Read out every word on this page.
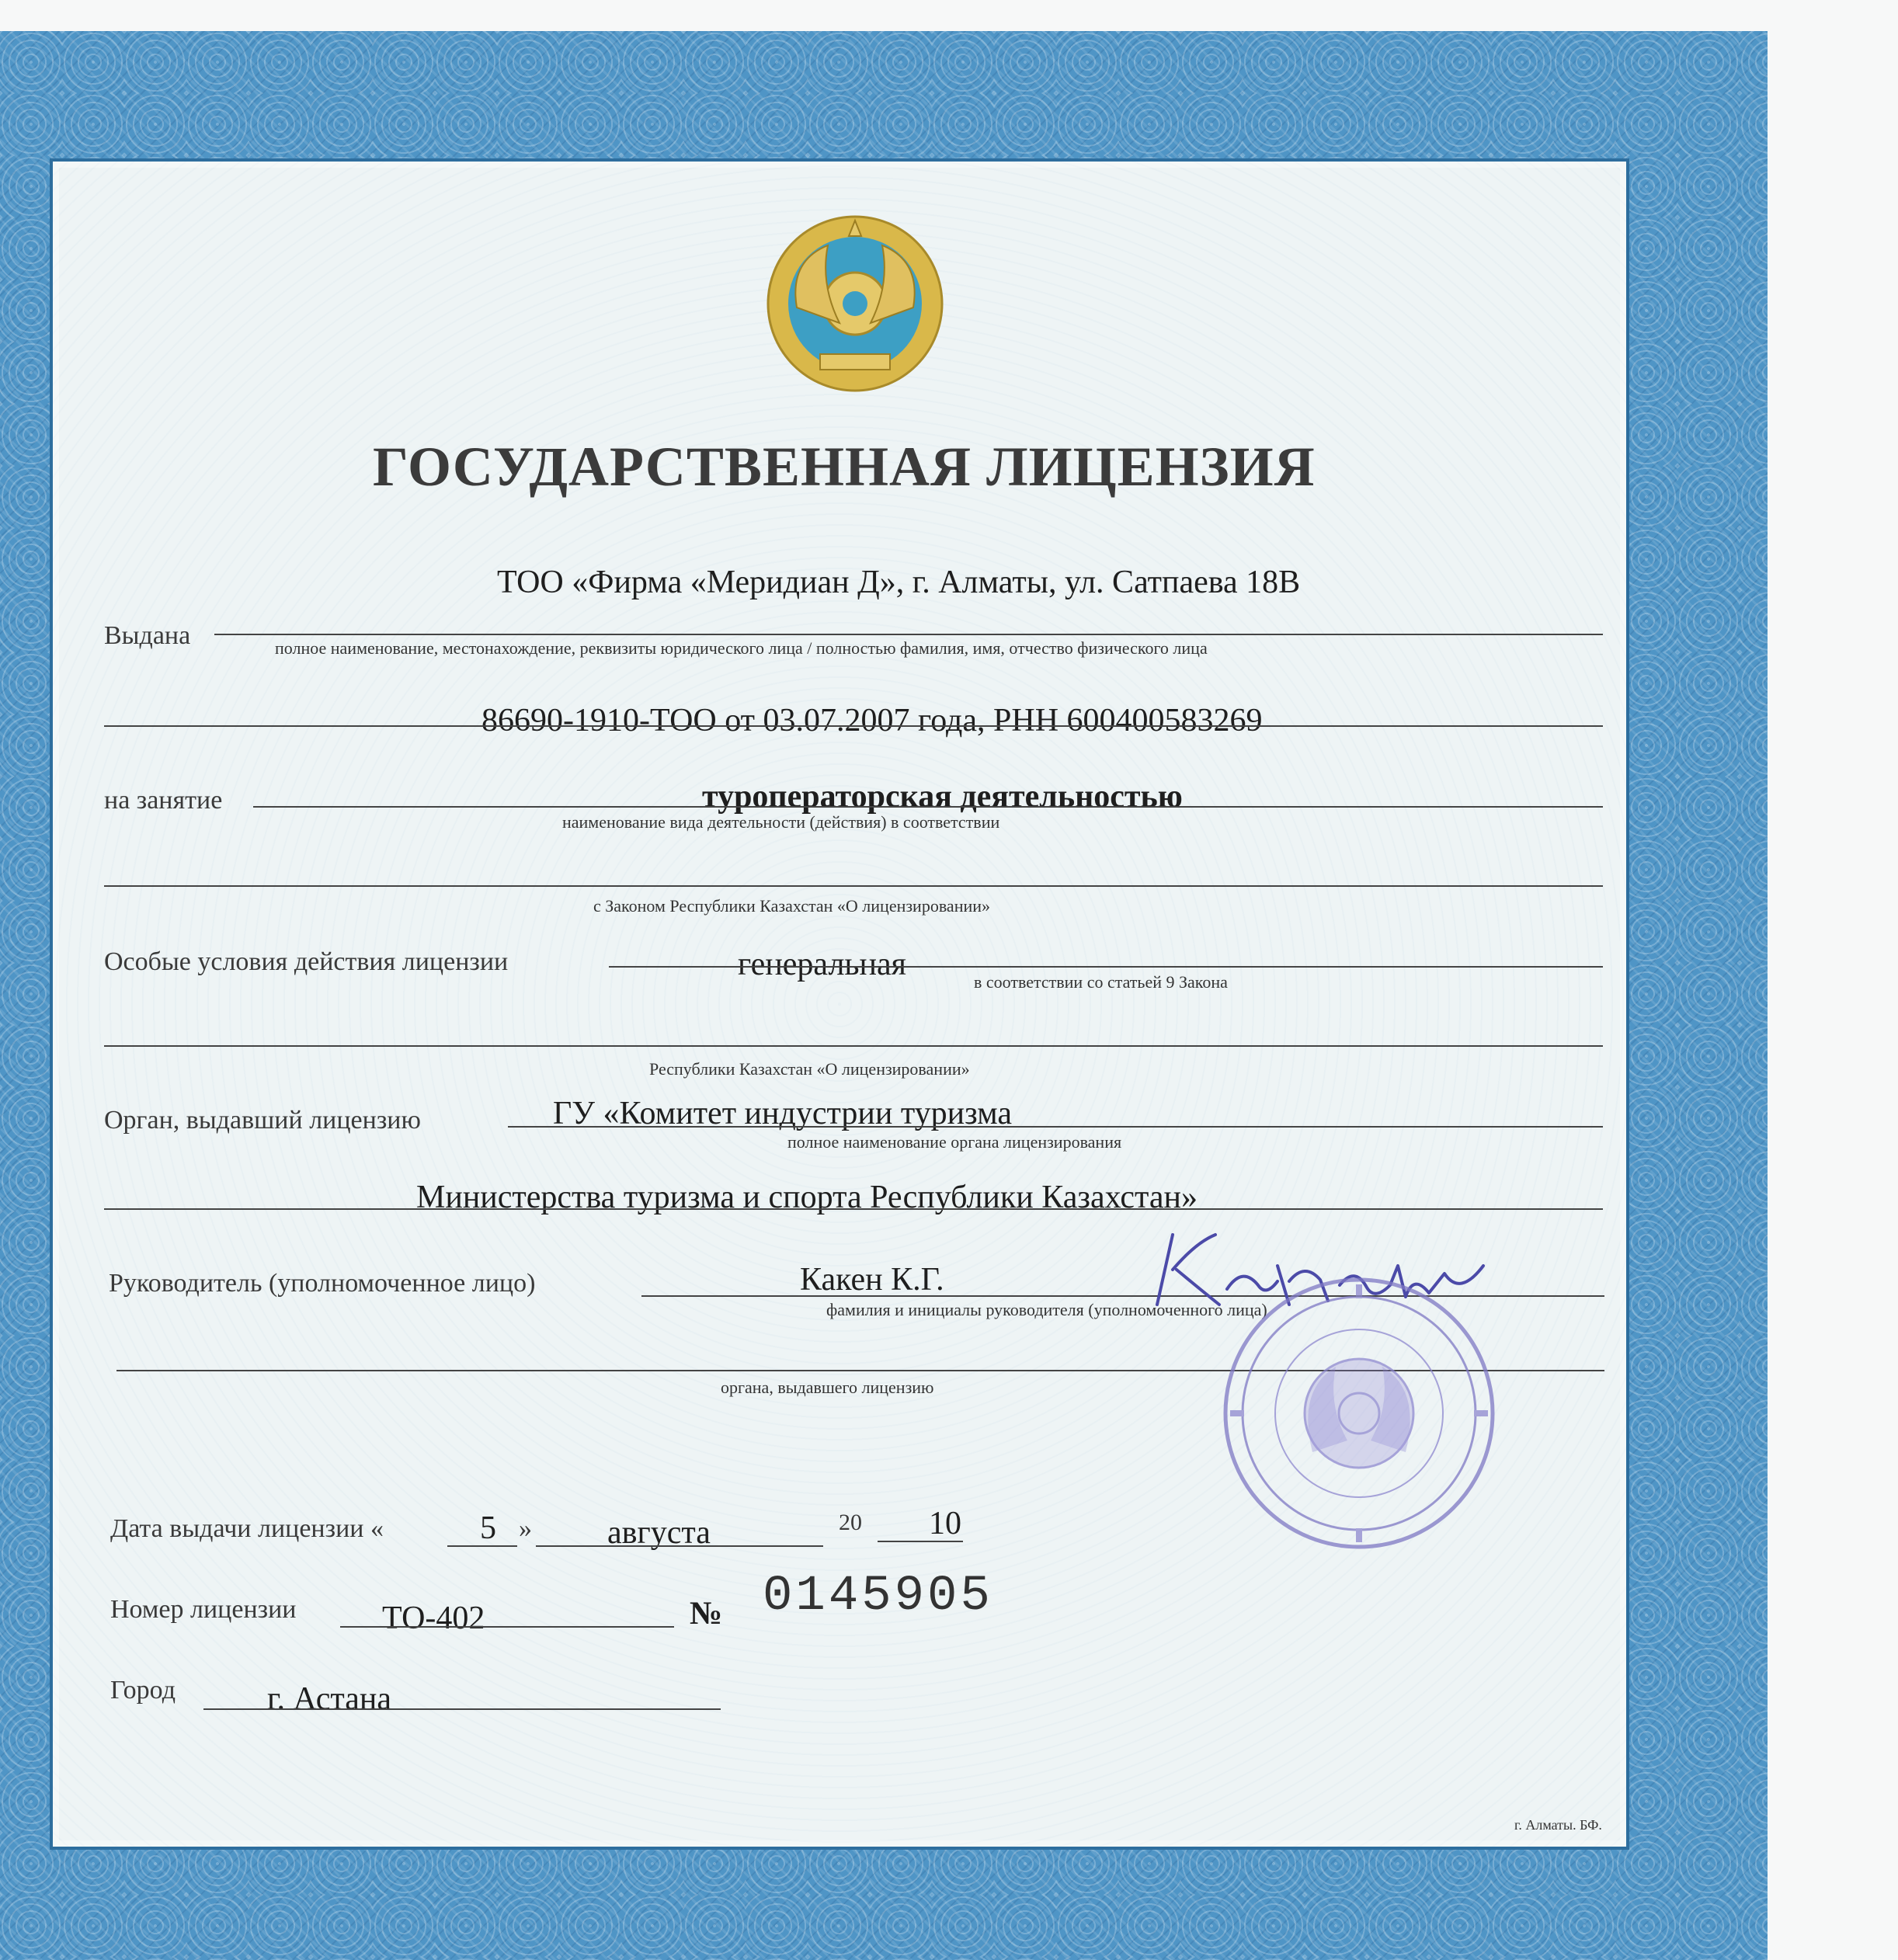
ГОСУДАРСТВЕННАЯ ЛИЦЕНЗИЯ
ТОО «Фирма «Меридиан Д», г. Алматы, ул. Сатпаева 18В
Выдана	полное наименование, местонахождение, реквизиты юридического лица / полностью фамилия, имя, отчество физического лица
86690-1910-ТОО от 03.07.2007 года, РНН 600400583269
на занятие	туроператорская деятельностью
наименование вида деятельности (действия) в соответствии
с Законом Республики Казахстан «О лицензировании»
Особые условия действия лицензии	генеральная	в соответствии со статьей 9 Закона
Республики Казахстан «О лицензировании»
Орган, выдавший лицензию	ГУ «Комитет индустрии туризма
полное наименование органа лицензирования
Министерства туризма и спорта Республики Казахстан»
Руководитель (уполномоченное лицо)	Какен К.Г.
фамилия и инициалы руководителя (уполномоченного лица)
органа, выдавшего лицензию
Дата выдачи лицензии «	5 » августа	20 10
Номер лицензии	ТО-402	№ 0145905
Город	г. Астана
г. Алматы. БФ.
